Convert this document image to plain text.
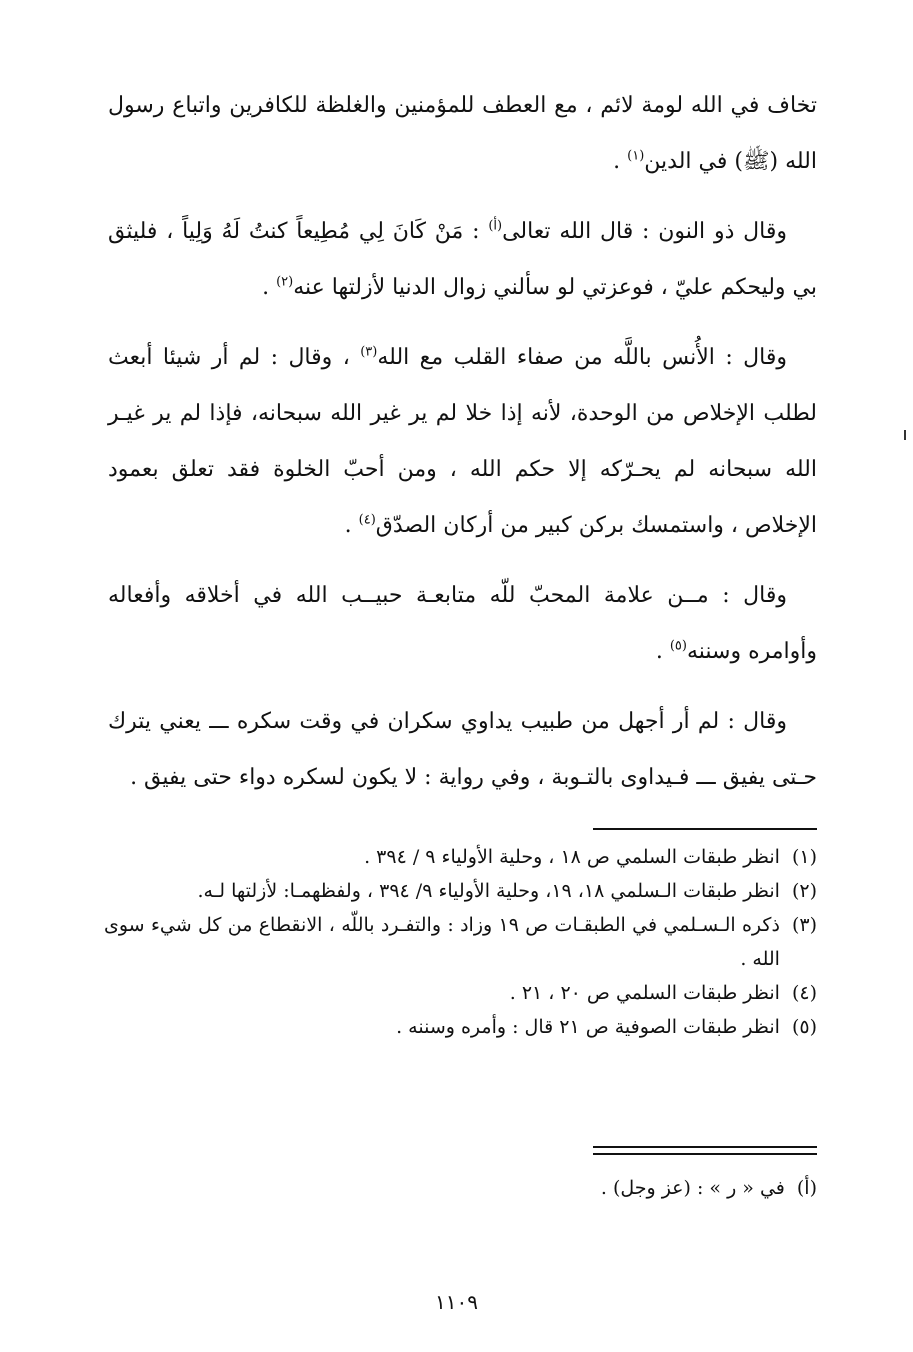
تخاف في الله لومة لائم ، مع العطف للمؤمنين والغلظة للكافرين واتباع رسول الله (ﷺ) في الدين$^{(١)}$ .

وقال ذو النون : قال الله تعالى$^{(أ)}$ : مَنْ كَانَ لِي مُطِيعاً كنتُ لَهُ وَلِياً ، فليثق بي وليحكم عليّ ، فوعزتي لو سألني زوال الدنيا لأزلتها عنه$^{(٢)}$ .

وقال : الأُنس باللَّه من صفاء القلب مع الله$^{(٣)}$ ، وقال : لم أر شيئا أبعث لطلب الإخلاص من الوحدة، لأنه إذا خلا لم ير غير الله سبحانه، فإذا لم ير غيـر الله سبحانه لم يحـرّكه إلا حكم الله ، ومن أحبّ الخلوة فقد تعلق بعمود الإخلاص ، واستمسك بركن كبير من أركان الصدّق$^{(٤)}$ .

وقال : مــن علامة المحبّ للّه متابعـة حبيــب الله في أخلاقه وأفعاله وأوامره وسننه$^{(٥)}$ .

وقال : لم أر أجهل من طبيب يداوي سكران في وقت سكره ـــ يعني يترك حـتى يفيق ـــ فـيداوى بالتـوبة ، وفي رواية : لا يكون لسكره دواء حتى يفيق .

(١)
انظر طبقات السلمي ص ١٨ ، وحلية الأولياء ٩ / ٣٩٤ .
(٢)
انظر طبقات الـسلمي ١٨، ١٩، وحلية الأولياء ٩/ ٣٩٤ ، ولفظهمـا: لأزلتها لـه.
(٣)
ذكره الـسـلمي في الطبقـات ص ١٩ وزاد : والتفـرد باللّه ، الانقطاع من كل شيء سوى الله .
(٤)
انظر طبقات السلمي ص ٢٠ ، ٢١ .
(٥)
انظر طبقات الصوفية ص ٢١ قال : وأمره وسننه .
(أ)في « ر » : (عز وجل) .
١١٠٩
